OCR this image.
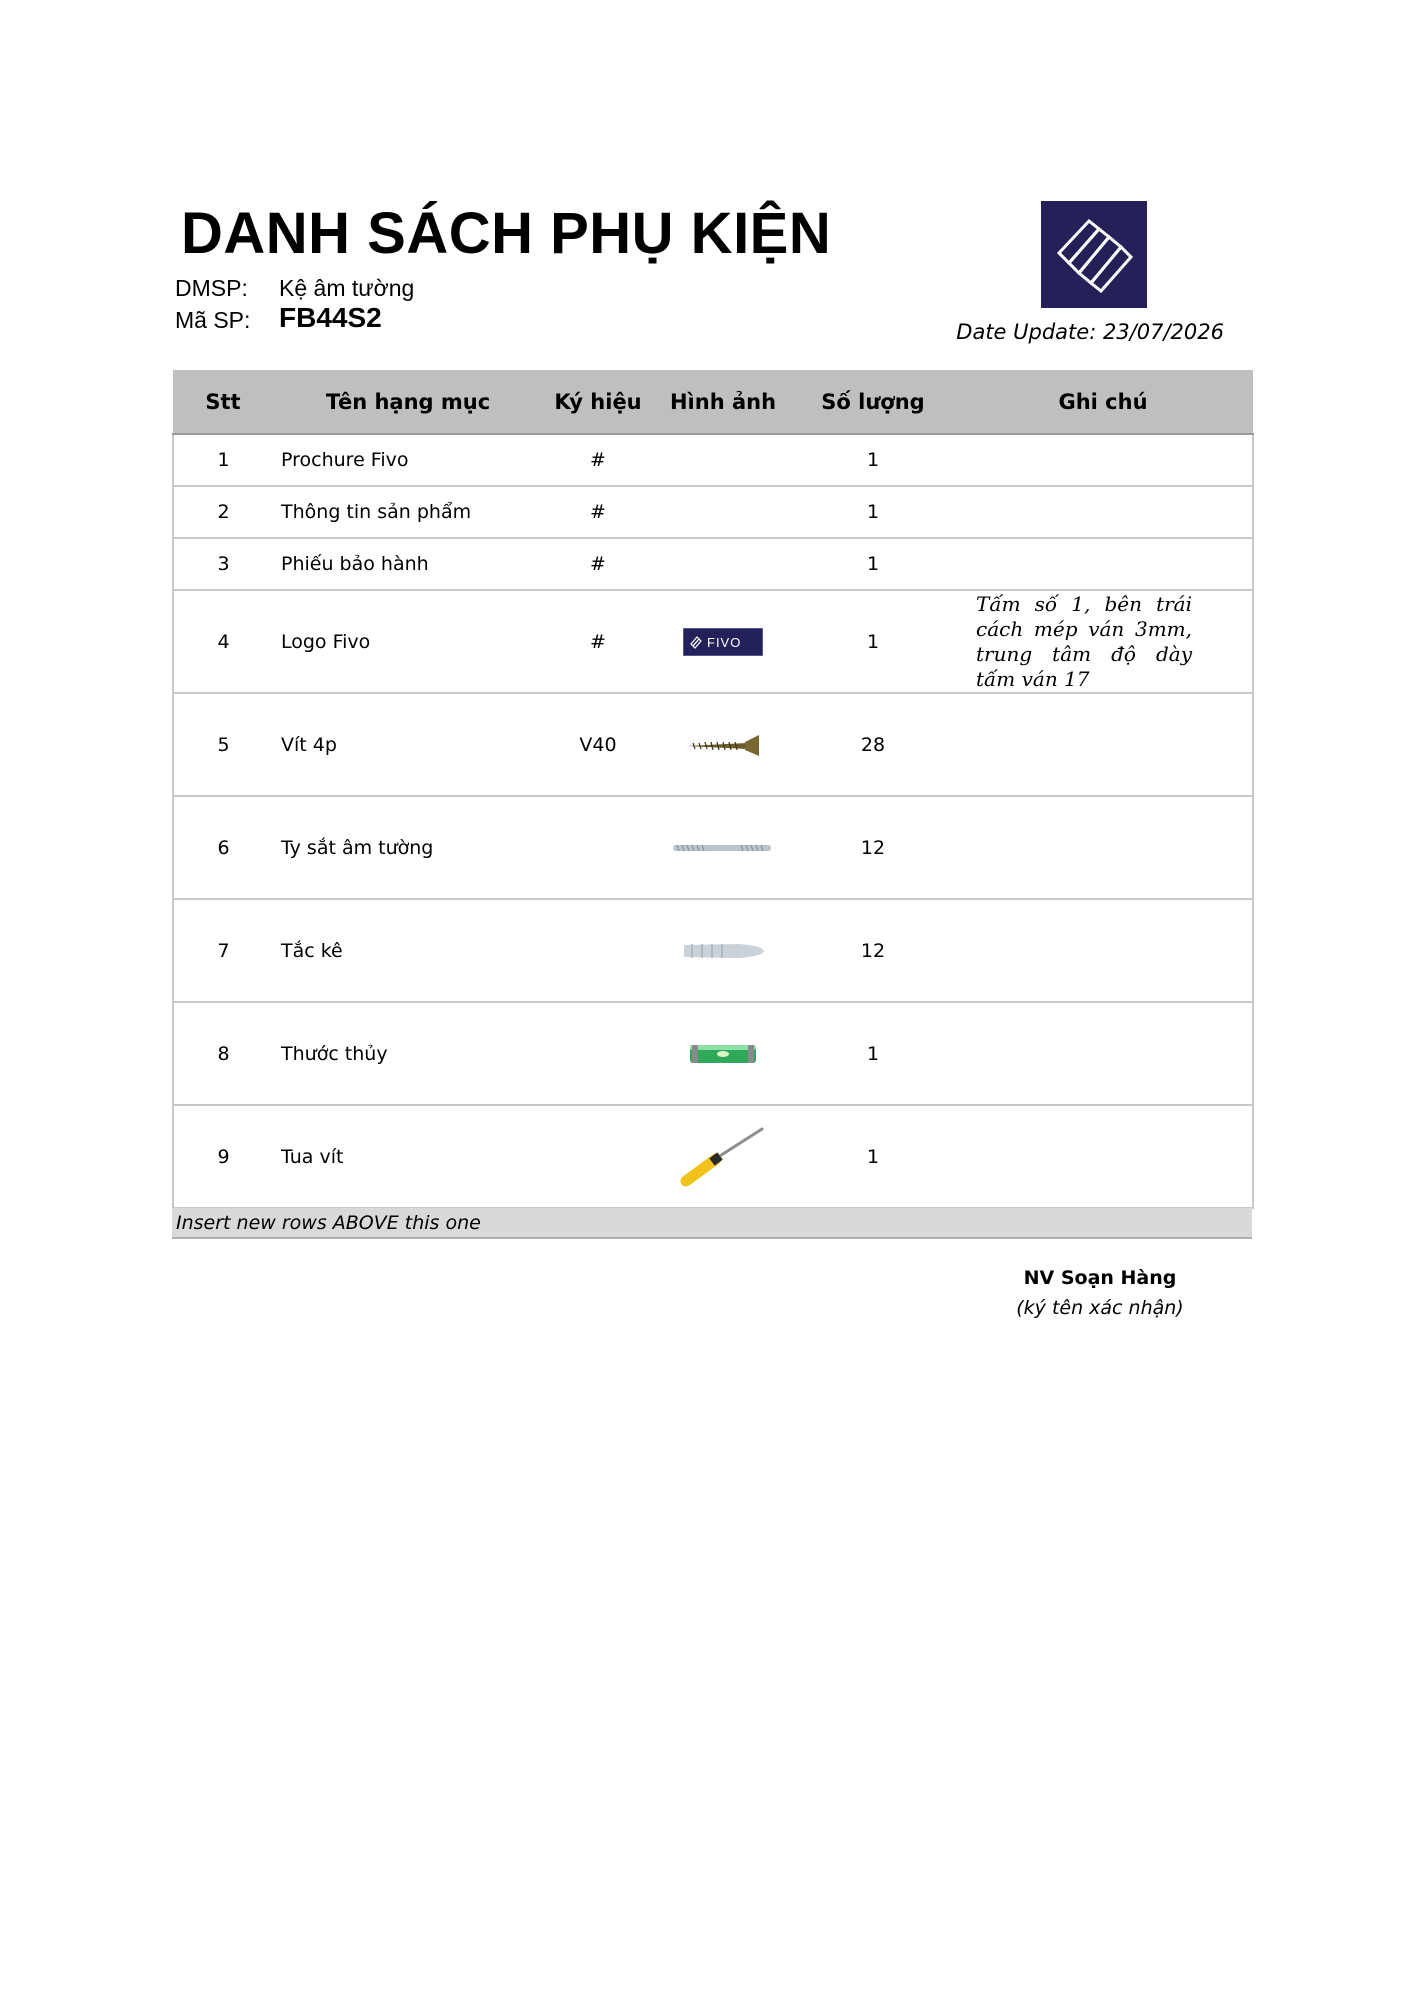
DANH SÁCH PHỤ KIỆN
DMSP: Kệ âm tường
Mã SP: FB44S2	Date Update: 23/07/2026
Stt	Tên hạng mục	Ký hiệu	Hình ảnh	Số lượng	Ghi chú
1	Prochure Fivo	#		1	
2	Thông tin sản phẩm	#		1	
3	Phiếu bảo hành	#		1	
4	Logo Fivo	#	FIVO	1	Tấm số 1, bên trái cách mép ván 3mm, trung tâm độ dày tấm ván 17
5	Vít 4p	V40		28	
6	Ty sắt âm tường			12	
7	Tắc kê			12	
8	Thước thủy			1	
9	Tua vít			1	
Insert new rows ABOVE this one
NV Soạn Hàng
(ký tên xác nhận)
